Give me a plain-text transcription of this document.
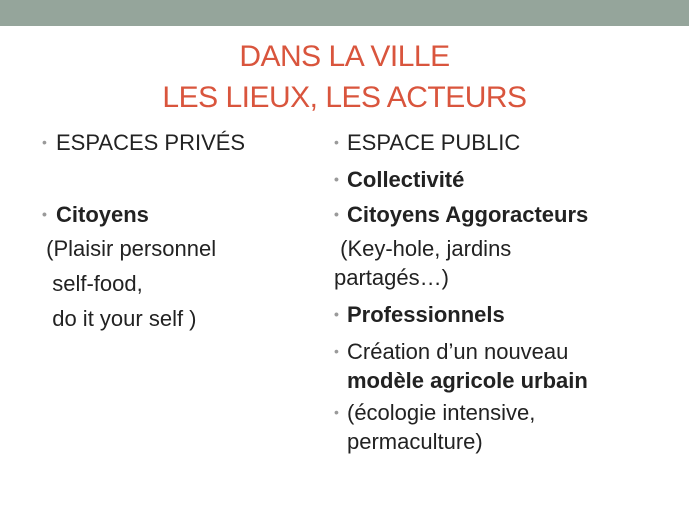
DANS LA VILLE
LES LIEUX, LES ACTEURS
• ESPACES PRIVÉS
• Citoyens
(Plaisir personnel
self-food,
do it your self )
• ESPACE PUBLIC
• Collectivité
• Citoyens Aggoracteurs
(Key-hole, jardins
partagés…)
• Professionnels
• Création d’un nouveau
modèle agricole urbain
• (écologie intensive,
permaculture)
